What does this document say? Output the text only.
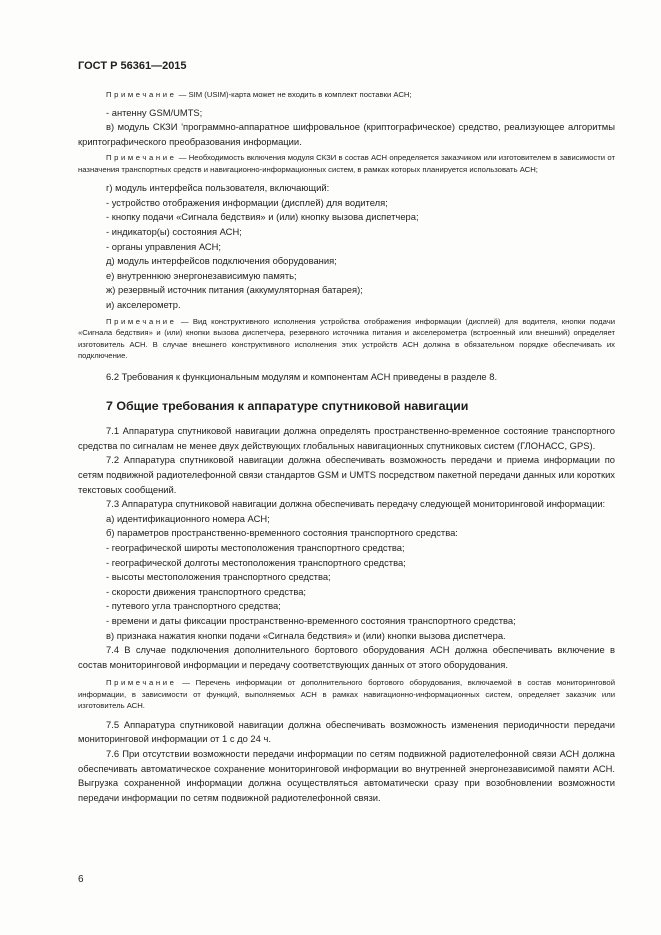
ГОСТ Р 56361—2015

Примечание — SIM (USIM)-карта может не входить в комплект поставки АСН;

- антенну GSM/UMTS;

в) модуль СКЗИ ’программно-аппаратное шифровальное (криптографическое) средство, реализующее алгоритмы криптографического преобразования информации.

Примечание — Необходимость включения модуля СКЗИ в состав АСН определяется заказчиком или изготовителем в зависимости от назначения транспортных средств и навигационно-информационных систем, в рамках которых планируется использовать АСН;

г) модуль интерфейса пользователя, включающий:

- устройство отображения информации (дисплей) для водителя;

- кнопку подачи «Сигнала бедствия» и (или) кнопку вызова диспетчера;

- индикатор(ы) состояния АСН;

- органы управления АСН;

д) модуль интерфейсов подключения оборудования;

е) внутреннюю энергонезависимую память;

ж) резервный источник питания (аккумуляторная батарея);

и) акселерометр.

Примечание — Вид конструктивного исполнения устройства отображения информации (дисплей) для водителя, кнопки подачи «Сигнала бедствия» и (или) кнопки вызова диспетчера, резервного источника питания и акселерометра (встроенный или внешний) определяет изготовитель АСН. В случае внешнего конструктивного исполнения этих устройств АСН должна в обязательном порядке обеспечивать их подключение.

6.2 Требования к функциональным модулям и компонентам АСН приведены в разделе 8.

7 Общие требования к аппаратуре спутниковой навигации

7.1 Аппаратура спутниковой навигации должна определять пространственно-временное состояние транспортного средства по сигналам не менее двух действующих глобальных навигационных спутниковых систем (ГЛОНАСС, GPS).

7.2 Аппаратура спутниковой навигации должна обеспечивать возможность передачи и приема информации по сетям подвижной радиотелефонной связи стандартов GSM и UMTS посредством пакетной передачи данных или коротких текстовых сообщений.

7.3 Аппаратура спутниковой навигации должна обеспечивать передачу следующей мониторинговой информации:

а) идентификационного номера АСН;

б) параметров пространственно-временного состояния транспортного средства:

- географической широты местоположения транспортного средства;

- географической долготы местоположения транспортного средства;

- высоты местоположения транспортного средства;

- скорости движения транспортного средства;

- путевого угла транспортного средства;

- времени и даты фиксации пространственно-временного состояния транспортного средства;

в) признака нажатия кнопки подачи «Сигнала бедствия» и (или) кнопки вызова диспетчера.

7.4 В случае подключения дополнительного бортового оборудования АСН должна обеспечивать включение в состав мониторинговой информации и передачу соответствующих данных от этого оборудования.

Примечание — Перечень информации от дополнительного бортового оборудования, включаемой в состав мониторинговой информации, в зависимости от функций, выполняемых АСН в рамках навигационно-информационных систем, определяет заказчик или изготовитель АСН.

7.5 Аппаратура спутниковой навигации должна обеспечивать возможность изменения периодичности передачи мониторинговой информации от 1 с до 24 ч.

7.6 При отсутствии возможности передачи информации по сетям подвижной радиотелефонной связи АСН должна обеспечивать автоматическое сохранение мониторинговой информации во внутренней энергонезависимой памяти АСН. Выгрузка сохраненной информации должна осуществляться автоматически сразу при возобновлении возможности передачи информации по сетям подвижной радиотелефонной связи.

6
